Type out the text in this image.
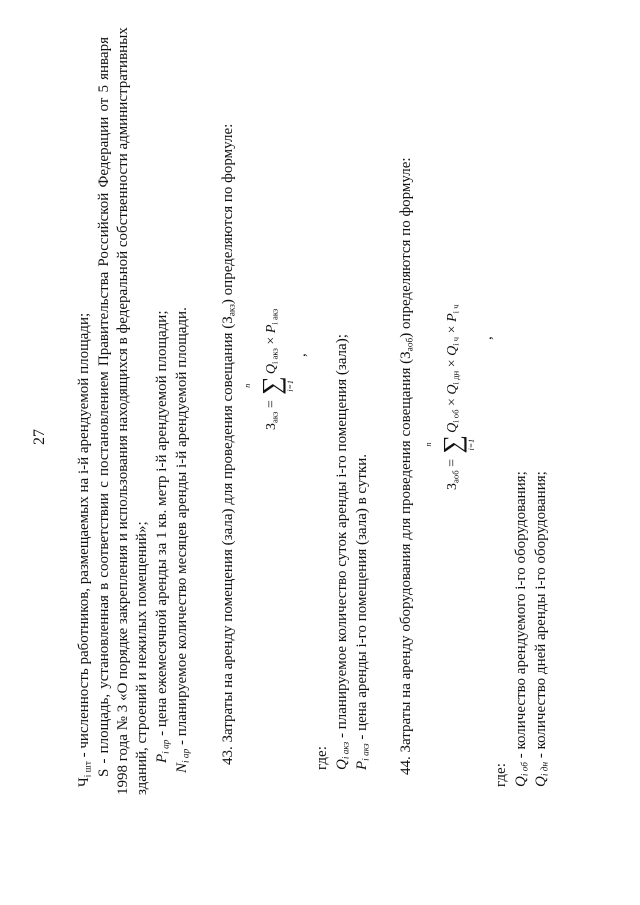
27
$Ч_{i шт}$ - численность работников, размещаемых на i-й арендуемой площади; S - площадь, установленная в соответствии с постановлением Правительства Российской Федерации от 5 января 1998 года № 3 «О порядке закрепления и использования находящихся в федеральной собственности административных зданий, строений и нежилых помещений»; $P_{i ap}$ - цена ежемесячной аренды за 1 кв. метр i-й арендуемой площади;
$N_{i ap}$ - планируемое количество месяцев аренды i-й арендуемой площади. 43. Затраты на аренду помещения (зала) для проведения совещания $(З_{акз})$ определяются по формуле:
Закз = ∑
n	i=1
Qi акз × Pi акз
,
где: $Q_{i акз}$ - планируемое количество суток аренды i-го помещения (зала);
$P_{i акз}$ - цена аренды i-го помещения (зала) в сутки. 44. Затраты на аренду оборудования для проведения совещания $(З_{аоб})$ определяются по формуле:
Заоб = ∑
n	i=1
Qi об × Qi дн × Qi ч × Pi ч
,
где: $Q_{i об}$ - количество арендуемого i-го оборудования;
$Q_{i дн}$ - количество дней аренды i-го оборудования;
